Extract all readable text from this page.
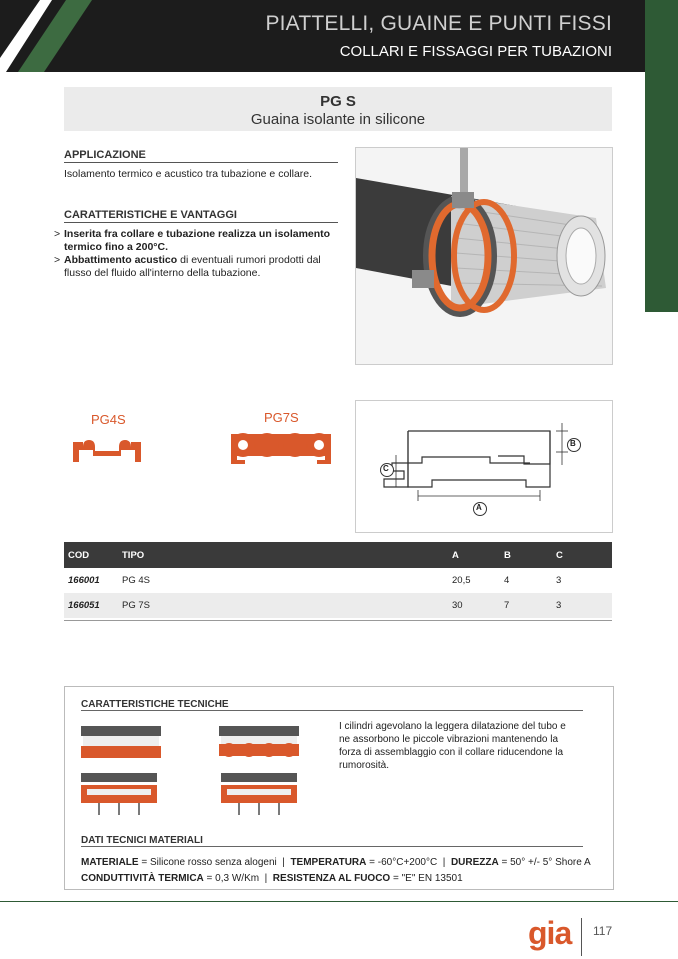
PIATTELLI, GUAINE E PUNTI FISSI
COLLARI E FISSAGGI PER TUBAZIONI
PG S
Guaina isolante in silicone
APPLICAZIONE
Isolamento termico e acustico tra tubazione e collare.
CARATTERISTICHE E VANTAGGI
> Inserita fra collare e tubazione realizza un isolamento termico fino a 200°C.
> Abbattimento acustico di eventuali rumori prodotti dal flusso del fluido all'interno della tubazione.
PG4S	PG7S
A
B
C
COD	TIPO	A	B	C
166001	PG 4S	20,5	4	3
166051	PG 7S	30	7	3
CARATTERISTICHE TECNICHE
I cilindri agevolano la leggera dilatazione del tubo e ne assorbono le piccole vibrazioni mantenendo la forza di assemblaggio con il collare riducendone la rumorosità.
DATI TECNICI MATERIALI
MATERIALE = Silicone rosso senza alogeni  |  TEMPERATURA = -60°C+200°C  |  DUREZZA = 50° +/- 5° Shore A
CONDUTTIVITÀ TERMICA = 0,3 W/Km  |  RESISTENZA AL FUOCO = "E" EN 13501
gia 117
